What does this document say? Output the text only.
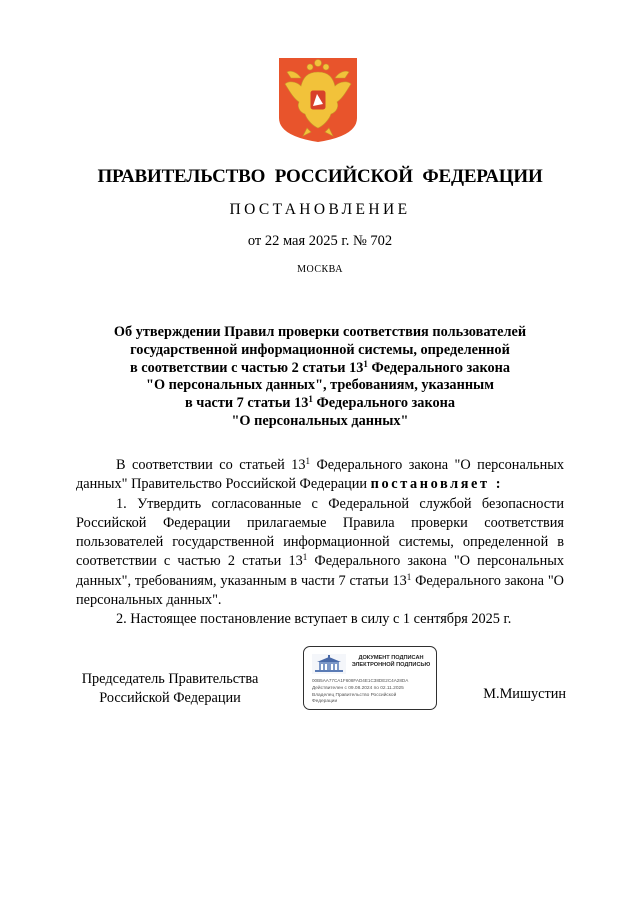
ПРАВИТЕЛЬСТВО РОССИЙСКОЙ ФЕДЕРАЦИИ
ПОСТАНОВЛЕНИЕ
от 22 мая 2025 г. № 702
МОСКВА
Об утверждении Правил проверки соответствия пользователей
государственной информационной системы, определенной
в соответствии с частью 2 статьи $13^1$ Федерального закона
"О персональных данных", требованиям, указанным
в части 7 статьи $13^1$ Федерального закона
"О персональных данных"

В соответствии со статьей $13^1$ Федерального закона "О персональных данных" Правительство Российской Федерации постановляет :

1. Утвердить согласованные с Федеральной службой безопасности Российской Федерации прилагаемые Правила проверки соответствия пользователей государственной информационной системы, определенной в соответствии с частью 2 статьи $13^1$ Федерального закона "О персональных данных", требованиям, указанным в части 7 статьи $13^1$ Федерального закона "О персональных данных".

2. Настоящее постановление вступает в силу с 1 сентября 2025 г.

Председатель Правительства
Российской Федерации
ДОКУМЕНТ ПОДПИСАН
ЭЛЕКТРОННОЙ ПОДПИСЬЮ
00B5AA77CA1F608FAD4E1C38DE2C4A28DA
Действителен с 09.08.2024 по 02.11.2025
Владелец Правительство Российской
Федерации	М.Мишустин
